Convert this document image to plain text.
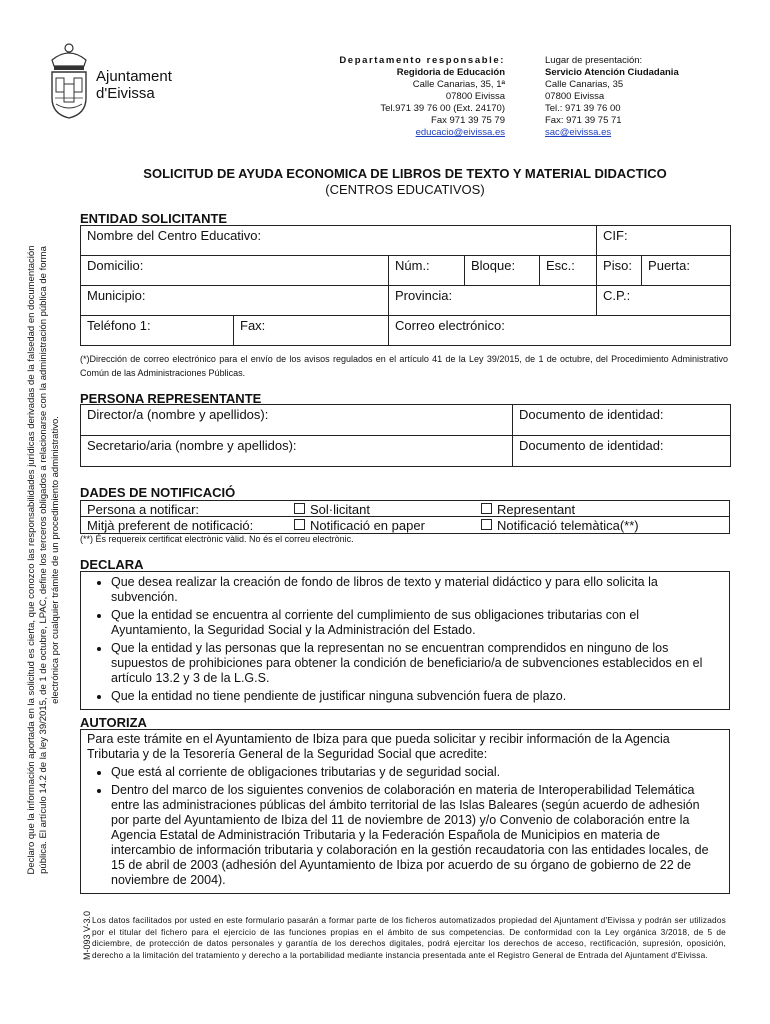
Ajuntament
d'Eivissa
Departamento responsable:
Regidoria de Educación
Calle Canarias, 35, 1ª
07800 Eivissa
Tel.971 39 76 00 (Ext. 24170)
Fax 971 39 75 79
educacio@eivissa.es
Lugar de presentación:
Servicio Atención Ciudadania
Calle Canarias, 35
07800 Eivissa
Tel.: 971 39 76 00
Fax: 971 39 75 71
sac@eivissa.es
SOLICITUD DE AYUDA ECONOMICA DE LIBROS DE TEXTO Y MATERIAL DIDACTICO
(CENTROS EDUCATIVOS)
ENTIDAD SOLICITANTE
Nombre del Centro Educativo:					CIF:	
Domicilio:		Núm.:	Bloque:	Esc.:	Piso:	Puerta:
Municipio:		Provincia:			C.P.:	
Teléfono 1:	Fax:	Correo electrónico:				
(*)Dirección de correo electrónico para el envío de los avisos regulados en el artículo 41 de la Ley 39/2015, de 1 de octubre, del Procedimiento Administrativo Común de las Administraciones Públicas.
PERSONA REPRESENTANTE
Director/a (nombre y apellidos):	Documento de identidad:
Secretario/aria (nombre y apellidos):	Documento de identidad:
DADES DE NOTIFICACIÓ
Persona a notificar:	Sol·licitant	Representant
Mitjà preferent de notificació:	Notificació en paper	Notificació telemàtica(**)
(**) És requereix certificat electrònic vàlid. No és el correu electrònic.
DECLARA
• Que desea realizar la creación de fondo de libros de texto y material didáctico y para ello solicita la subvención.
• Que la entidad se encuentra al corriente del cumplimiento de sus obligaciones tributarias con el Ayuntamiento, la Seguridad Social y la Administración del Estado.
• Que la entidad y las personas que la representan no se encuentran comprendidos en ninguno de los supuestos de prohibiciones para obtener la condición de beneficiario/a de subvenciones establecidos en el artículo 13.2 y 3 de la L.G.S.
• Que la entidad no tiene pendiente de justificar ninguna subvención fuera de plazo.
AUTORIZA

Para este trámite en el Ayuntamiento de Ibiza para que pueda solicitar y recibir información de la Agencia Tributaria y de la Tesorería General de la Seguridad Social que acredite:

• Que está al corriente de obligaciones tributarias y de seguridad social.
• Dentro del marco de los siguientes convenios de colaboración en materia de Interoperabilidad Telemática entre las administraciones públicas del ámbito territorial de las Islas Baleares (según acuerdo de adhesión por parte del Ayuntamiento de Ibiza del 11 de noviembre de 2013) y/o Convenio de colaboración entre la Agencia Estatal de Administración Tributaria y la Federación Española de Municipios en materia de intercambio de información tributaria y colaboración en la gestión recaudatoria con las entidades locales, de 15 de abril de 2003 (adhesión del Ayuntamiento de Ibiza por acuerdo de su órgano de gobierno de 22 de noviembre de 2004).
Declaro que la información aportada en la solicitud es cierta, que conozco las responsabilidades jurídicas derivadas de la falsedad en documentación pública. El artículo 14.2 de la ley 39/2015, de 1 de octubre, LPAC, define los terceros obligados a relacionarse con la administración pública de forma electrónica por cualquier trámite de un procedimiento administrativo.
M-093 V-3.0 Los datos facilitados por usted en este formulario pasarán a formar parte de los ficheros automatizados propiedad del Ajuntament d'Eivissa y podrán ser utilizados por el titular del fichero para el ejercicio de las funciones propias en el ámbito de sus competencias. De conformidad con la Ley orgánica 3/2018, de 5 de diciembre, de protección de datos personales y garantía de los derechos digitales, podrá ejercitar los derechos de acceso, rectificación, supresión, oposición, derecho a la limitación del tratamiento y derecho a la portabilidad mediante instancia presentada ante el Registro General de Entrada del Ajuntament d'Eivissa.
